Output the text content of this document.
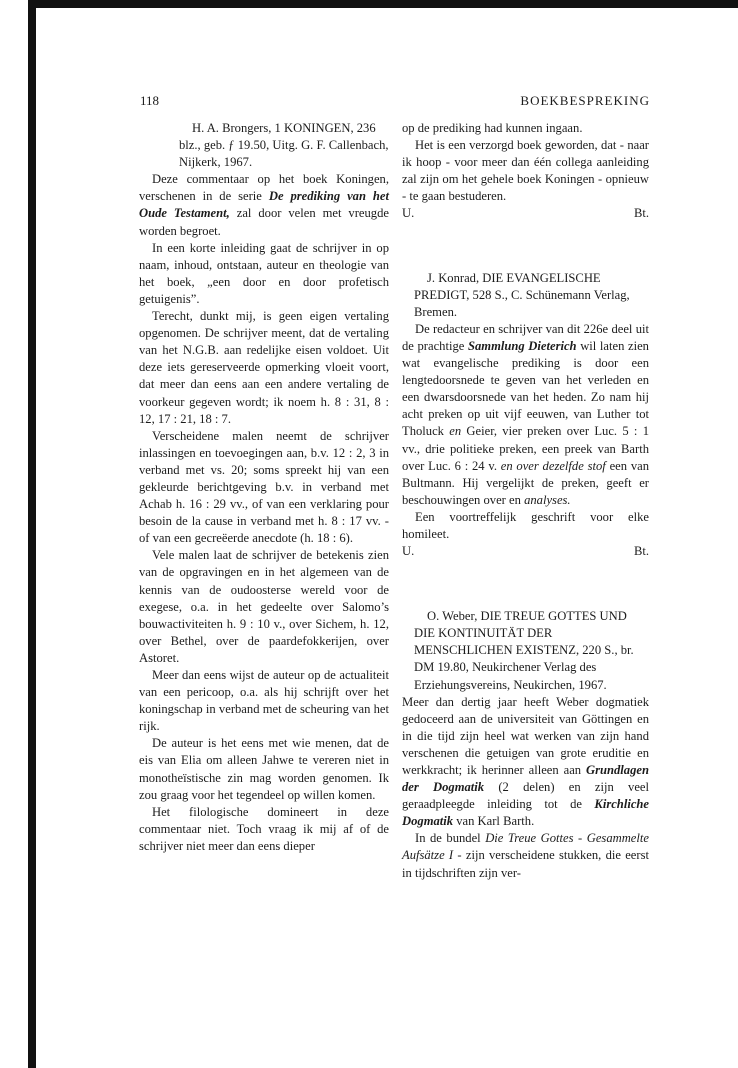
118	BOEKBESPREKING

H. A. Brongers, 1 KONINGEN, 236 blz., geb. ƒ 19.50, Uitg. G. F. Callenbach, Nijkerk, 1967.

Deze commentaar op het boek Koningen, verschenen in de serie De prediking van het Oude Testament, zal door velen met vreugde worden begroet.

In een korte inleiding gaat de schrijver in op naam, inhoud, ontstaan, auteur en theologie van het boek, „een door en door profetisch getuigenis”.

Terecht, dunkt mij, is geen eigen vertaling opgenomen. De schrijver meent, dat de vertaling van het N.G.B. aan redelijke eisen voldoet. Uit deze iets gereserveerde opmerking vloeit voort, dat meer dan eens aan een andere vertaling de voorkeur gegeven wordt; ik noem h. 8 : 31, 8 : 12, 17 : 21, 18 : 7.

Verscheidene malen neemt de schrijver inlassingen en toevoegingen aan, b.v. 12 : 2, 3 in verband met vs. 20; soms spreekt hij van een gekleurde berichtgeving b.v. in verband met Achab h. 16 : 29 vv., of van een verklaring pour besoin de la cause in verband met h. 8 : 17 vv. - of van een gecreëerde anecdote (h. 18 : 6).

Vele malen laat de schrijver de betekenis zien van de opgravingen en in het algemeen van de kennis van de oudoosterse wereld voor de exegese, o.a. in het gedeelte over Salomo’s bouwactiviteiten h. 9 : 10 v., over Sichem, h. 12, over Bethel, over de paardefokkerijen, over Astoret.

Meer dan eens wijst de auteur op de actualiteit van een pericoop, o.a. als hij schrijft over het koningschap in verband met de scheuring van het rijk.

De auteur is het eens met wie menen, dat de eis van Elia om alleen Jahwe te vereren niet in monotheïstische zin mag worden genomen. Ik zou graag voor het tegendeel op willen komen.

Het filologische domineert in deze commentaar niet. Toch vraag ik mij af of de schrijver niet meer dan eens dieper

op de prediking had kunnen ingaan.

Het is een verzorgd boek geworden, dat - naar ik hoop - voor meer dan één collega aanleiding zal zijn om het gehele boek Koningen - opnieuw - te gaan bestuderen.

U.	Bt.

J. Konrad, DIE EVANGELISCHE PREDIGT, 528 S., C. Schünemann Verlag, Bremen.

De redacteur en schrijver van dit 226e deel uit de prachtige Sammlung Dieterich wil laten zien wat evangelische prediking is door een lengtedoorsnede te geven van het verleden en een dwarsdoorsnede van het heden. Zo nam hij acht preken op uit vijf eeuwen, van Luther tot Tholuck en Geier, vier preken over Luc. 5 : 1 vv., drie politieke preken, een preek van Barth over Luc. 6 : 24 v. en over dezelfde stof een van Bultmann. Hij vergelijkt de preken, geeft er beschouwingen over en analyses.

Een voortreffelijk geschrift voor elke homileet.

U.	Bt.

O. Weber, DIE TREUE GOTTES UND DIE KONTINUITÄT DER MENSCHLICHEN EXISTENZ, 220 S., br. DM 19.80, Neukirchener Verlag des Erziehungsvereins, Neukirchen, 1967.

Meer dan dertig jaar heeft Weber dogmatiek gedoceerd aan de universiteit van Göttingen en in die tijd zijn heel wat werken van zijn hand verschenen die getuigen van grote eruditie en werkkracht; ik herinner alleen aan Grundlagen der Dogmatik (2 delen) en zijn veel geraadpleegde inleiding tot de Kirchliche Dogmatik van Karl Barth.

In de bundel Die Treue Gottes - Gesammelte Aufsätze I - zijn verscheidene stukken, die eerst in tijdschriften zijn ver-
